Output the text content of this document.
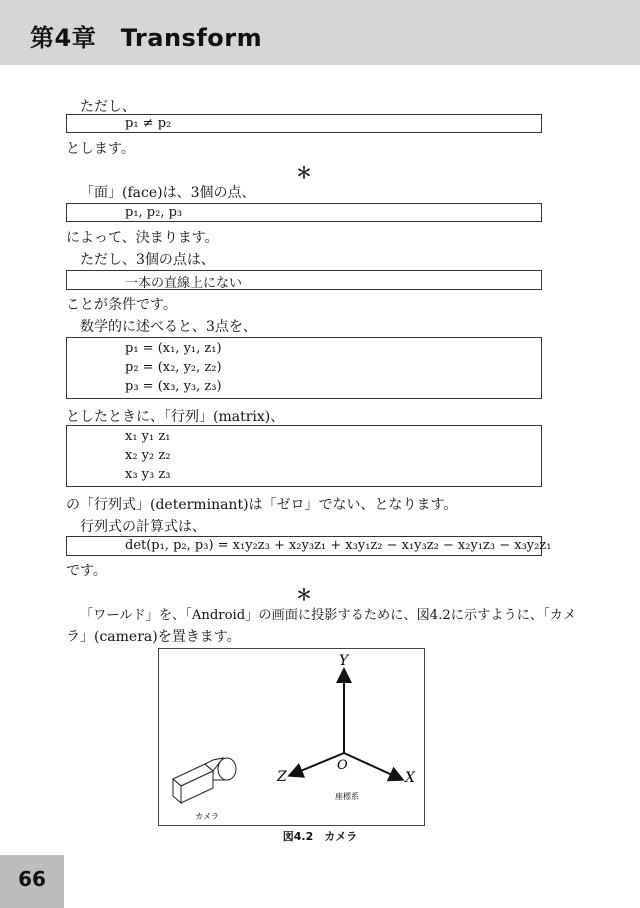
第4章　Transform
ただし、
p₁ ≠ p₂
とします。
＊
「面」(face)は、3個の点、
p₁, p₂, p₃
によって、決まります。
ただし、3個の点は、
一本の直線上にない
ことが条件です。
数学的に述べると、3点を、
p₁ = (x₁, y₁, z₁)
p₂ = (x₂, y₂, z₂)
p₃ = (x₃, y₃, z₃)
としたときに、「行列」(matrix)、
x₁ y₁ z₁
x₂ y₂ z₂
x₃ y₃ z₃
の「行列式」(determinant)は「ゼロ」でない、となります。
行列式の計算式は、
det(p₁, p₂, p₃) = x₁y₂z₃ + x₂y₃z₁ + x₃y₁z₂ − x₁y₃z₂ − x₂y₁z₃ − x₃y₂z₁
です。
＊
「ワールド」を、「Android」の画面に投影するために、図4.2に示すように、「カメ
ラ」(camera)を置きます。
Y
X
Z
O
座標系
カメラ
図4.2　カメラ
66
